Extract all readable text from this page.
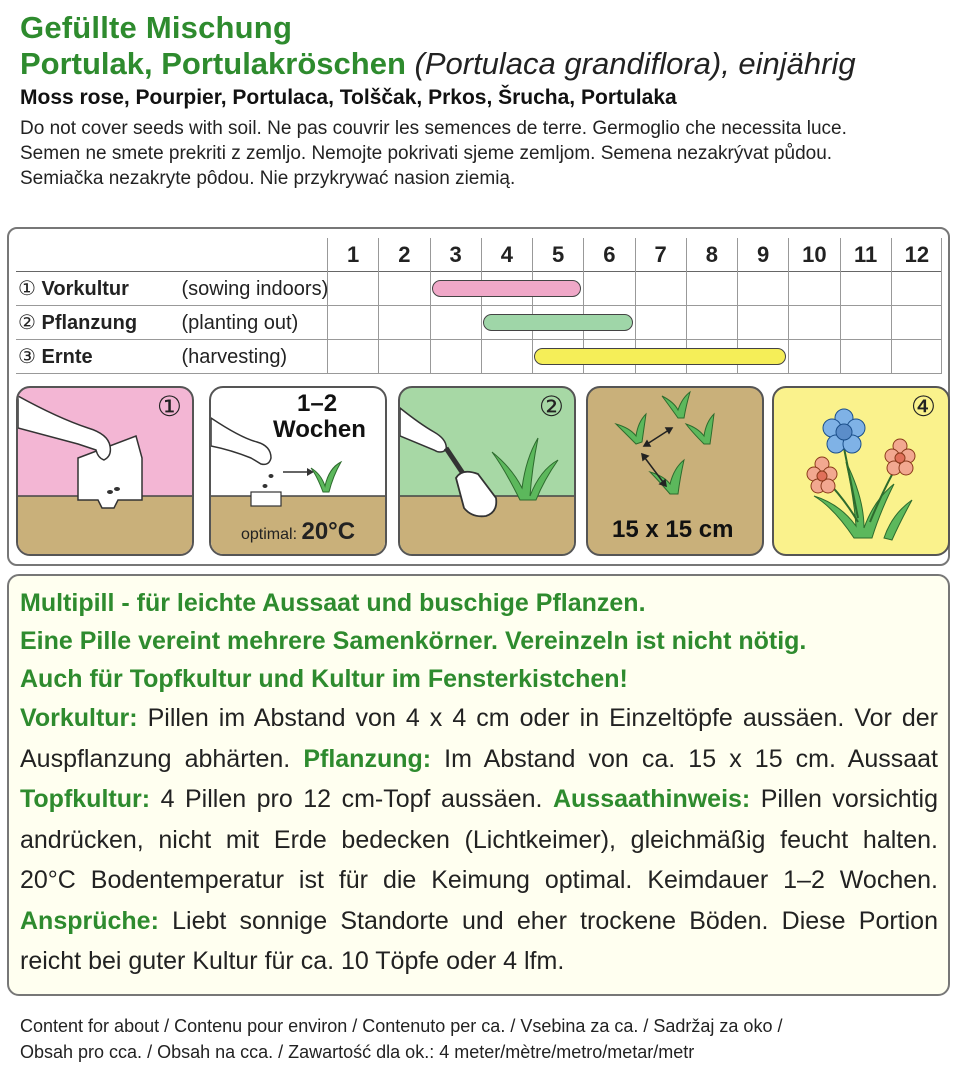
Gefüllte Mischung
Portulak, Portulakröschen (Portulaca grandiflora), einjährig
Moss rose, Pourpier, Portulaca, Tolščak, Prkos, Šrucha, Portulaka
Do not cover seeds with soil. Ne pas couvrir les semences de terre. Germoglio che necessita luce.
Semen ne smete prekriti z zemljo. Nemojte pokrivati sjeme zemljom. Semena nezakrývat půdou.
Semiačka nezakryte pôdou. Nie przykrywać nasion ziemią.
1	2	3	4	5	6	7	8	9	10	11	12
① Vorkultur	(sowing indoors)
② Pflanzung (planting out)
③ Ernte	(harvesting)
①	1–2
Wochen
optimal: 20°C
②
15 x 15 cm
④
Multipill - für leichte Aussaat und buschige Pflanzen.
Eine Pille vereint mehrere Samenkörner. Vereinzeln ist nicht nötig.
Auch für Topfkultur und Kultur im Fensterkistchen!
Vorkultur: Pillen im Abstand von 4 x 4 cm oder in Einzeltöpfe aussäen. Vor der Auspflanzung abhärten. Pflanzung: Im Abstand von ca. 15 x 15 cm. Aussaat Topfkultur: 4 Pillen pro 12 cm-Topf aussäen. Aussaathinweis: Pillen vorsichtig andrücken, nicht mit Erde bedecken (Lichtkeimer), gleichmäßig feucht halten. 20°C Bodentemperatur ist für die Keimung optimal. Keimdauer 1–2 Wochen. Ansprüche: Liebt sonnige Standorte und eher trockene Böden. Diese Portion reicht bei guter Kultur für ca. 10 Töpfe oder 4 lfm.
Content for about / Contenu pour environ / Contenuto per ca. / Vsebina za ca. / Sadržaj za oko /
Obsah pro cca. / Obsah na cca. / Zawartość dla ok.: 4 meter/mètre/metro/metar/metr
